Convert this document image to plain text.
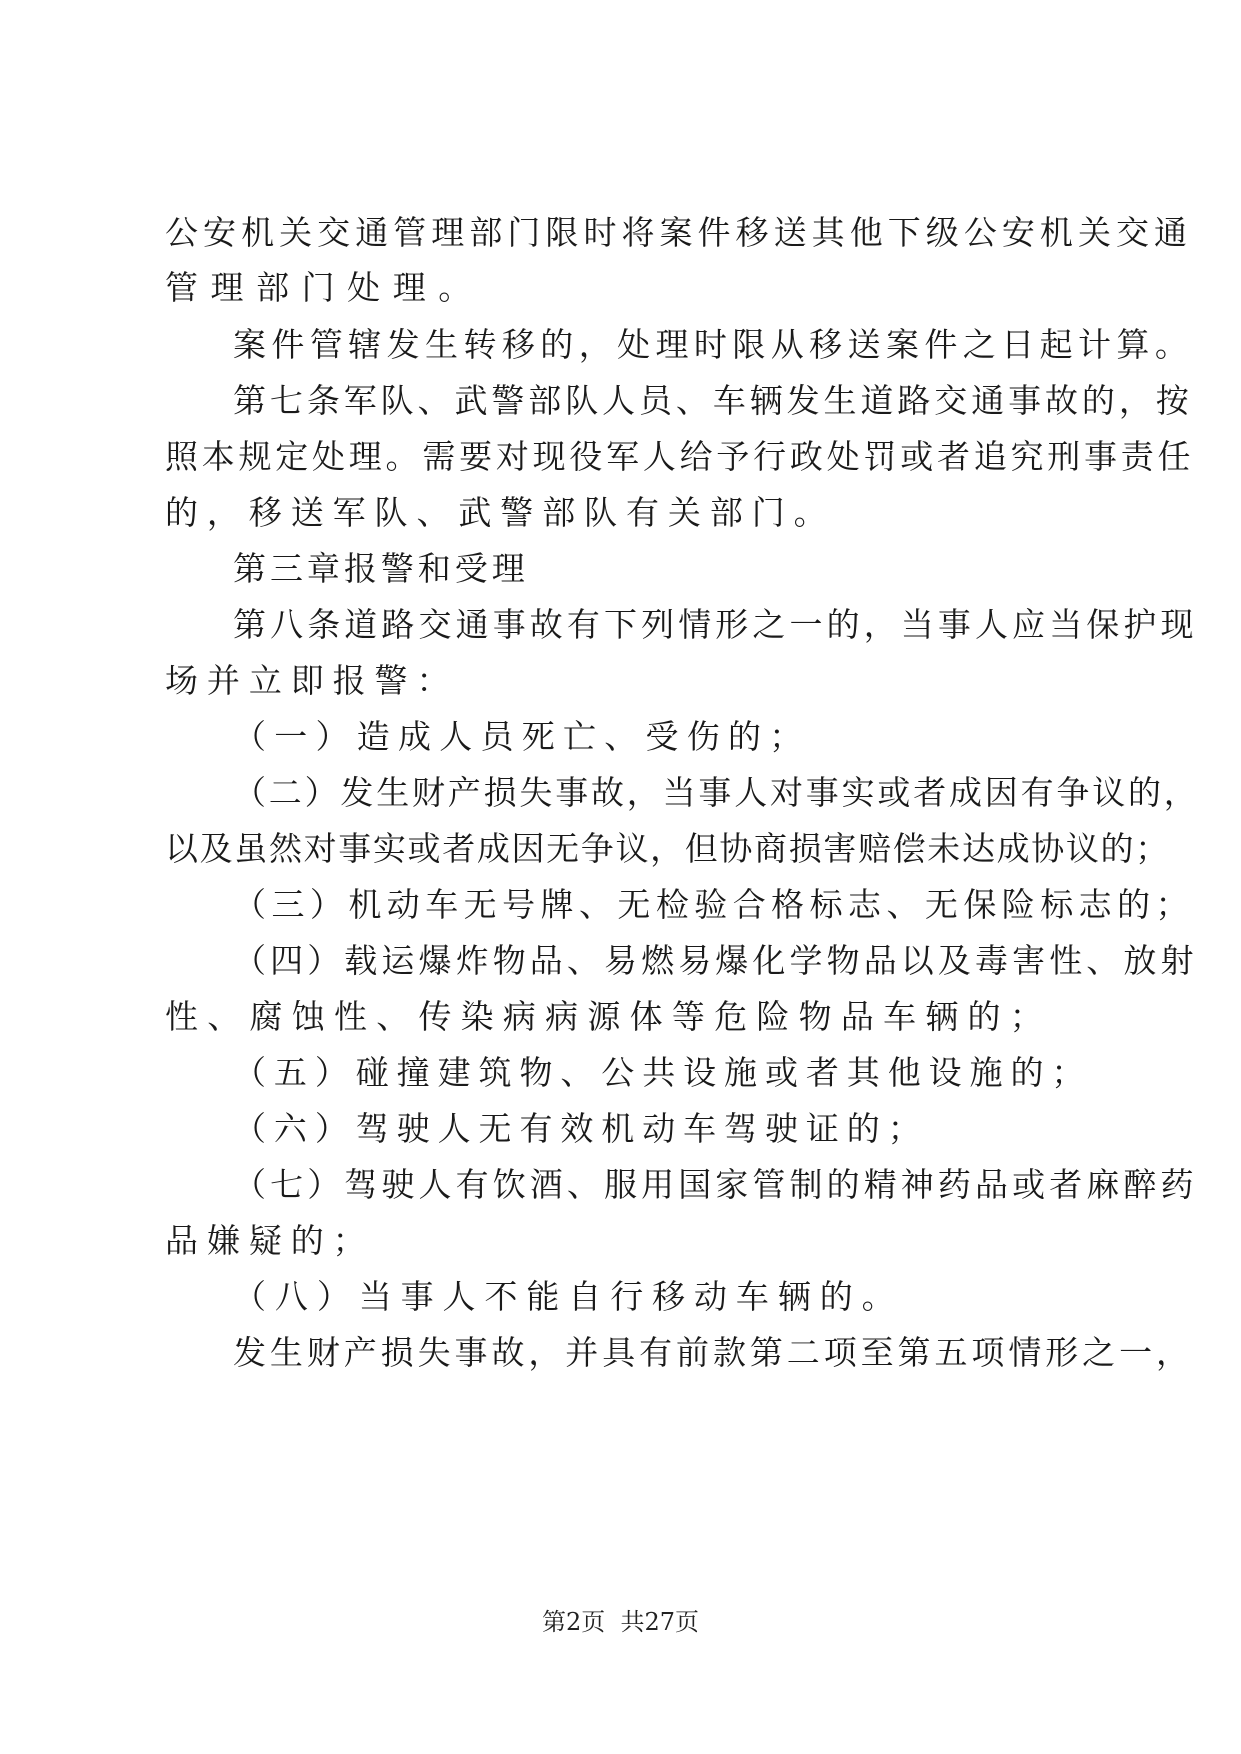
公安机关交通管理部门限时将案件移送其他下级公安机关交通
管理部门处理。
案件管辖发生转移的，处理时限从移送案件之日起计算。
第七条军队、武警部队人员、车辆发生道路交通事故的，按
照本规定处理。需要对现役军人给予行政处罚或者追究刑事责任
的，移送军队、武警部队有关部门。
第三章报警和受理
第八条道路交通事故有下列情形之一的，当事人应当保护现
场并立即报警：
（一）造成人员死亡、受伤的；
（二）发生财产损失事故，当事人对事实或者成因有争议的，
以及虽然对事实或者成因无争议，但协商损害赔偿未达成协议的；
（三）机动车无号牌、无检验合格标志、无保险标志的；
（四）载运爆炸物品、易燃易爆化学物品以及毒害性、放射
性、腐蚀性、传染病病源体等危险物品车辆的；
（五）碰撞建筑物、公共设施或者其他设施的；
（六）驾驶人无有效机动车驾驶证的；
（七）驾驶人有饮酒、服用国家管制的精神药品或者麻醉药
品嫌疑的；
（八）当事人不能自行移动车辆的。
发生财产损失事故，并具有前款第二项至第五项情形之一，
第2页  共27页
